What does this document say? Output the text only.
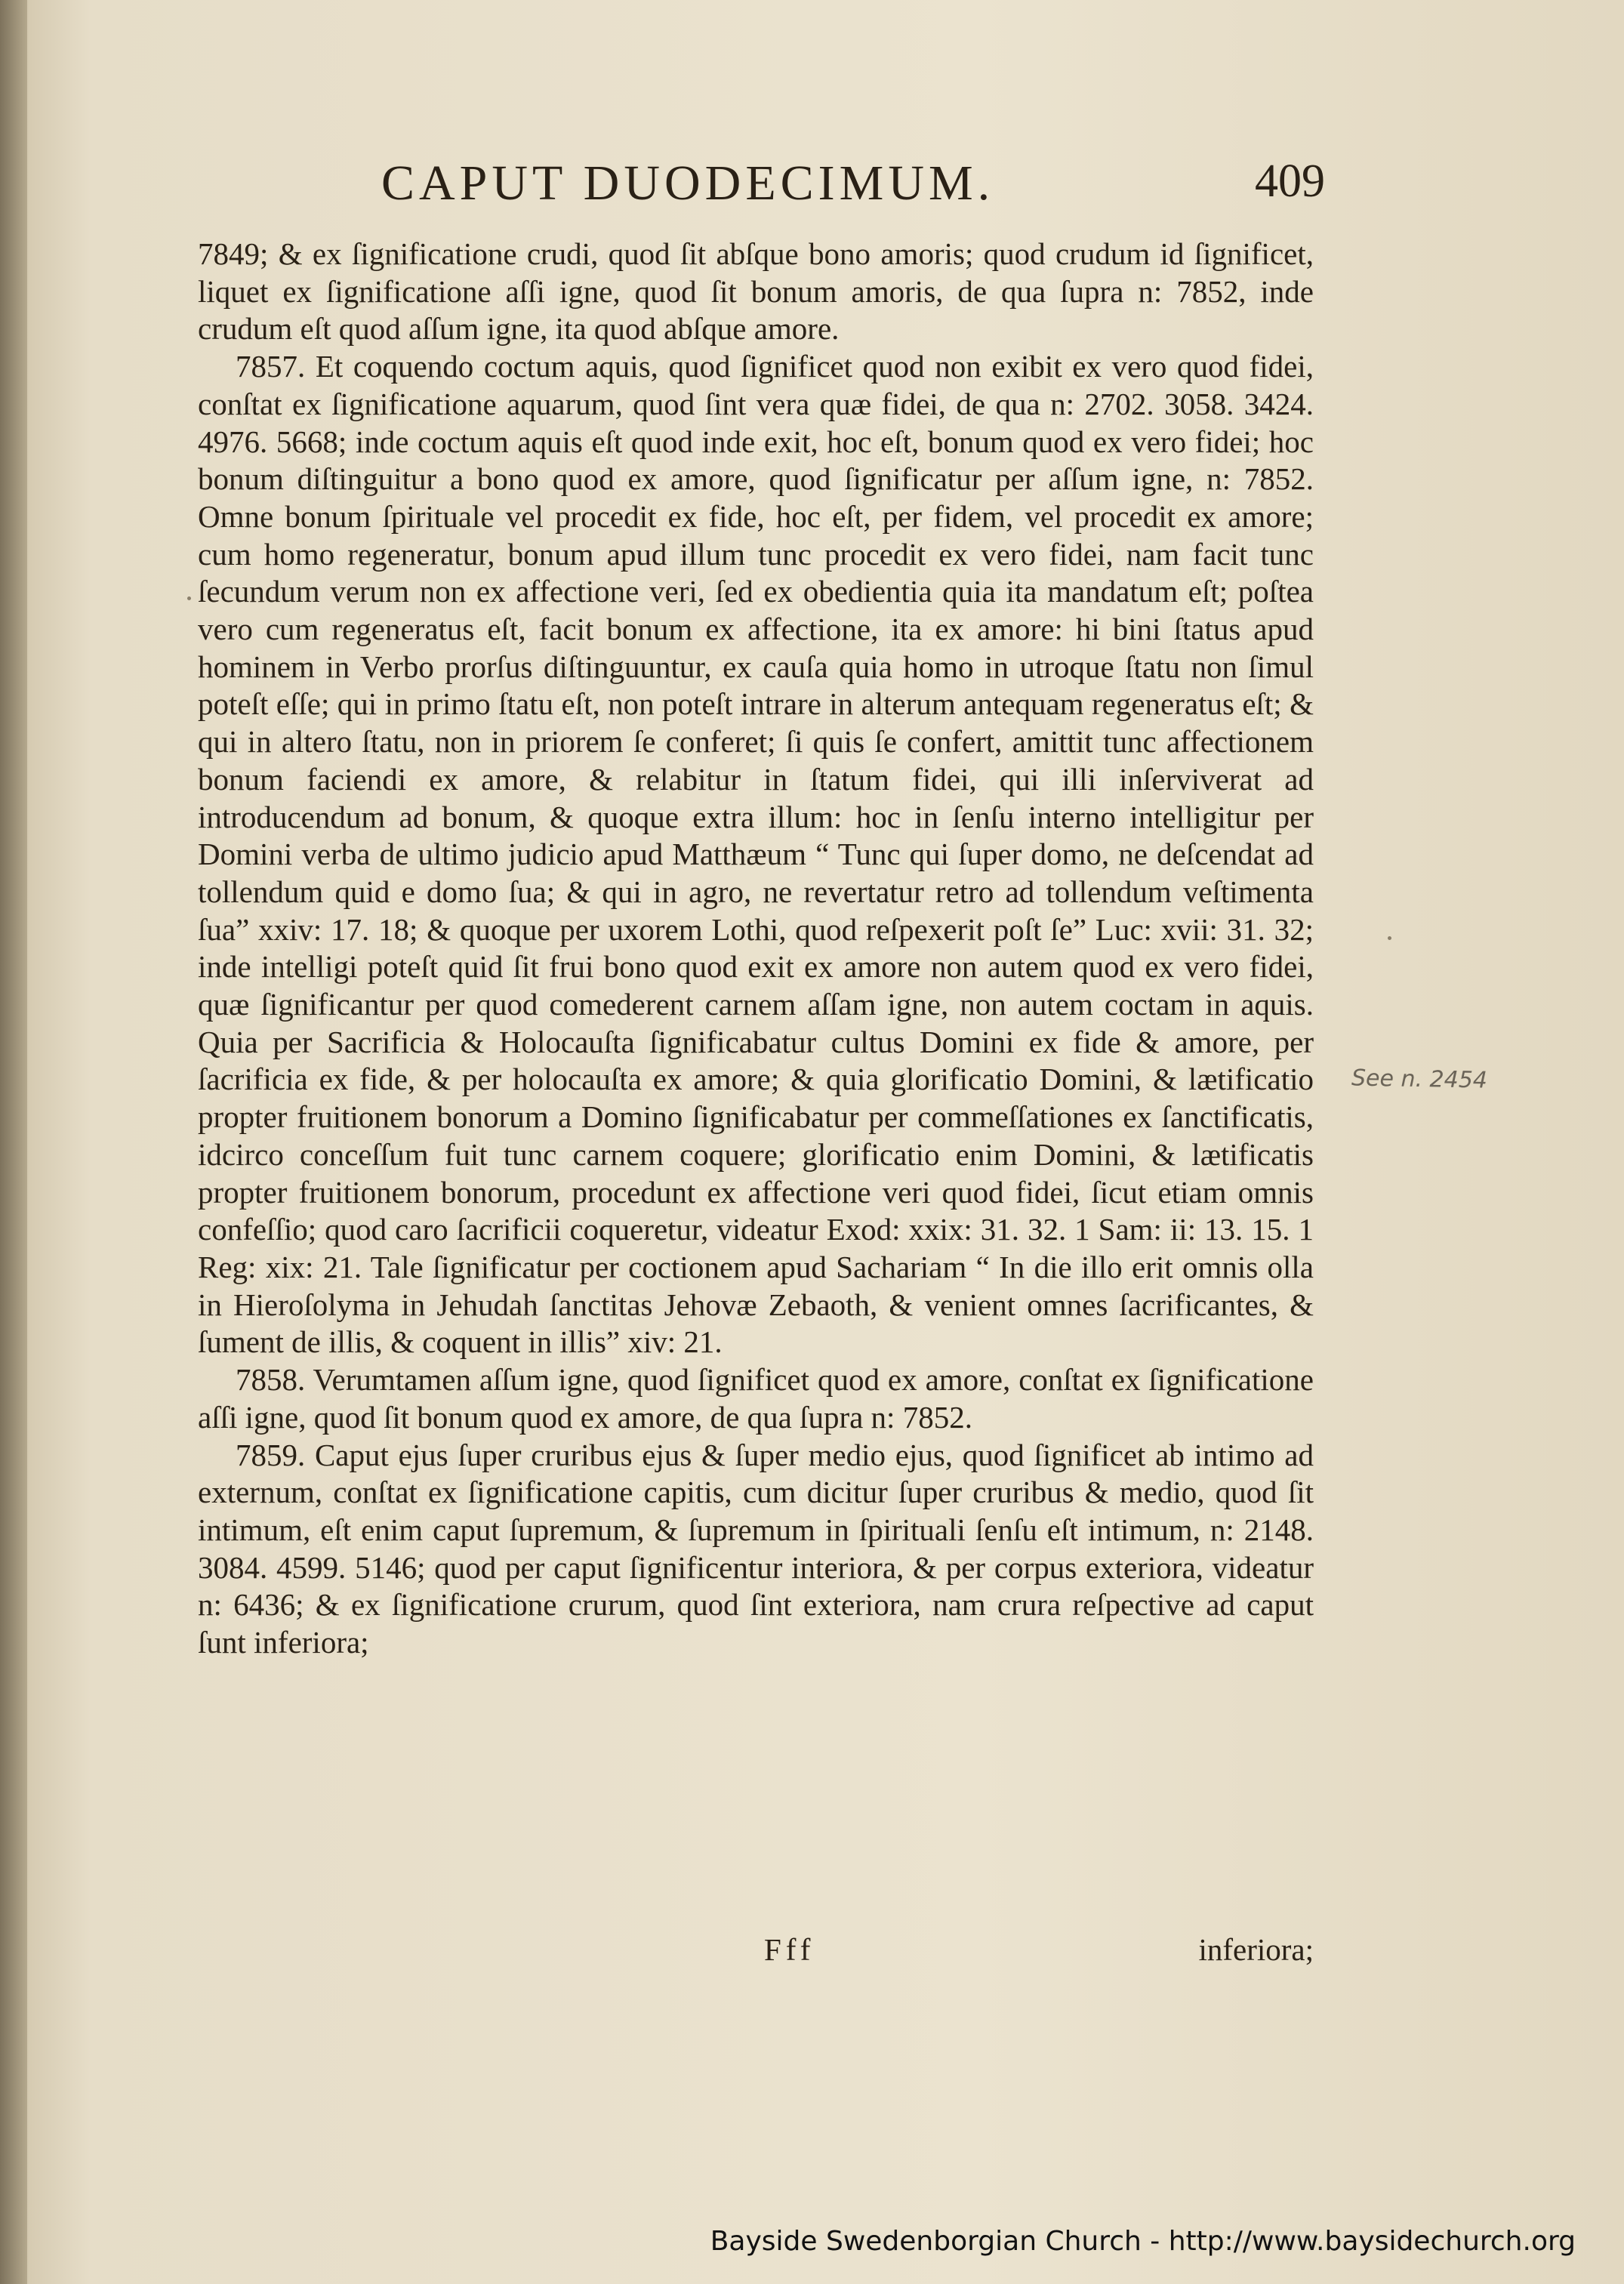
CAPUT DUODECIMUM.	409

7849; & ex ſignificatione crudi, quod ſit abſque bono amoris; quod crudum id ſignificet, liquet ex ſignificatione aſſi igne, quod ſit bonum amoris, de qua ſupra n: 7852, inde crudum eſt quod aſſum igne, ita quod abſque amore.

7857. Et coquendo coctum aquis, quod ſignificet quod non exibit ex vero quod fidei, conſtat ex ſignificatione aquarum, quod ſint vera quæ fidei, de qua n: 2702. 3058. 3424. 4976. 5668; inde coctum aquis eſt quod inde exit, hoc eſt, bonum quod ex vero fidei; hoc bonum diſtinguitur a bono quod ex amore, quod ſignificatur per aſſum igne, n: 7852. Omne bonum ſpirituale vel procedit ex fide, hoc eſt, per fidem, vel procedit ex amore; cum homo regeneratur, bonum apud illum tunc procedit ex vero fidei, nam facit tunc ſecundum verum non ex affectione veri, ſed ex obedientia quia ita mandatum eſt; poſtea vero cum regeneratus eſt, facit bonum ex affectione, ita ex amore: hi bini ſtatus apud hominem in Verbo prorſus diſtinguuntur, ex cauſa quia homo in utroque ſtatu non ſimul poteſt eſſe; qui in primo ſtatu eſt, non poteſt intrare in alterum antequam regeneratus eſt; & qui in altero ſtatu, non in priorem ſe conferet; ſi quis ſe confert, amittit tunc affectionem bonum faciendi ex amore, & relabitur in ſtatum fidei, qui illi inſerviverat ad introducendum ad bonum, & quoque extra illum: hoc in ſenſu interno intelligitur per Domini verba de ultimo judicio apud Matthæum “ Tunc qui ſuper domo, ne deſcendat ad tollendum quid e domo ſua; & qui in agro, ne revertatur retro ad tollendum veſtimenta ſua” xxiv: 17. 18; & quoque per uxorem Lothi, quod reſpexerit poſt ſe” Luc: xvii: 31. 32; inde intelligi poteſt quid ſit frui bono quod exit ex amore non autem quod ex vero fidei, quæ ſignificantur per quod comederent carnem aſſam igne, non autem coctam in aquis. Quia per Sacrificia & Holocauſta ſignificabatur cultus Domini ex fide & amore, per ſacrificia ex fide, & per holocauſta ex amore; & quia glorificatio Domini, & lætificatio propter fruitionem bonorum a Domino ſignificabatur per commeſſationes ex ſanctificatis, idcirco conceſſum fuit tunc carnem coquere; glorificatio enim Domini, & lætificatis propter fruitionem bonorum, procedunt ex affectione veri quod fidei, ſicut etiam omnis confeſſio; quod caro ſacrificii coqueretur, videatur Exod: xxix: 31. 32. 1 Sam: ii: 13. 15. 1 Reg: xix: 21. Tale ſignificatur per coctionem apud Sachariam “ In die illo erit omnis olla in Hieroſolyma in Jehudah ſanctitas Jehovæ Zebaoth, & venient omnes ſacrificantes, & ſument de illis, & coquent in illis” xiv: 21.

7858. Verumtamen aſſum igne, quod ſignificet quod ex amore, conſtat ex ſignificatione aſſi igne, quod ſit bonum quod ex amore, de qua ſupra n: 7852.

7859. Caput ejus ſuper cruribus ejus & ſuper medio ejus, quod ſignificet ab intimo ad externum, conſtat ex ſignificatione capitis, cum dicitur ſuper cruribus & medio, quod ſit intimum, eſt enim caput ſupremum, & ſupremum in ſpirituali ſenſu eſt intimum, n: 2148. 3084. 4599. 5146; quod per caput ſignificentur interiora, & per corpus exteriora, videatur n: 6436; & ex ſignificatione crurum, quod ſint exteriora, nam crura reſpective ad caput ſunt inferiora;

Fff	inferiora;
See n. 2454
Bayside Swedenborgian Church - http://www.baysidechurch.org
